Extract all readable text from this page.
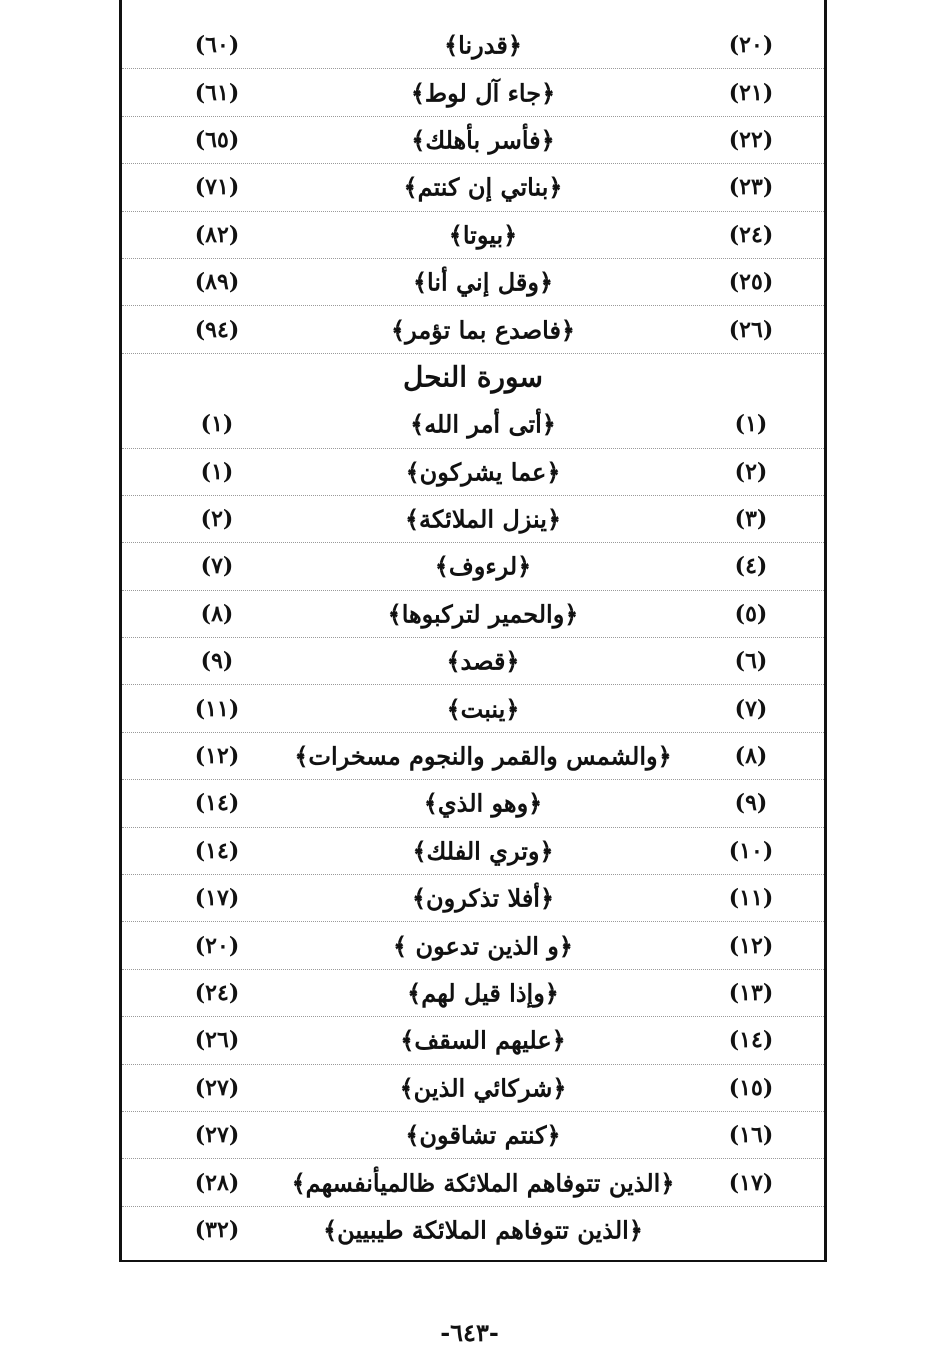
(٦٠)	﴿قدرنا﴾	(٢٠)
(٦١)	﴿جاء آل لوط﴾	(٢١)
(٦٥)	﴿فأسر بأهلك﴾	(٢٢)
(٧١)	﴿بناتي إن كنتم﴾	(٢٣)
(٨٢)	﴿بيوتا﴾	(٢٤)
(٨٩)	﴿وقل إني أنا﴾	(٢٥)
(٩٤)	﴿فاصدع بما تؤمر﴾	(٢٦)
سورة النحل
(١)	﴿أتى أمر الله﴾	(١)
(١)	﴿عما يشركون﴾	(٢)
(٢)	﴿ينزل الملائكة﴾	(٣)
(٧)	﴿لرءوف﴾	(٤)
(٨)	﴿والحمير لتركبوها﴾	(٥)
(٩)	﴿قصد﴾	(٦)
(١١)	﴿ينبت﴾	(٧)
(١٢)	﴿والشمس والقمر والنجوم مسخرات﴾	(٨)
(١٤)	﴿وهو الذي﴾	(٩)
(١٤)	﴿وتري الفلك﴾	(١٠)
(١٧)	﴿أفلا تذكرون﴾	(١١)
(٢٠)	﴿و الذين تدعون ﴾	(١٢)
(٢٤)	﴿وإذا قيل لهم﴾	(١٣)
(٢٦)	﴿عليهم السقف﴾	(١٤)
(٢٧)	﴿شركائي الذين﴾	(١٥)
(٢٧)	﴿كنتم تشاقون﴾	(١٦)
(٢٨)	﴿الذين تتوفاهم الملائكة ظالميأنفسهم﴾	(١٧)
(٣٢)	﴿الذين تتوفاهم الملائكة طيبيين﴾
-٦٤٣-
